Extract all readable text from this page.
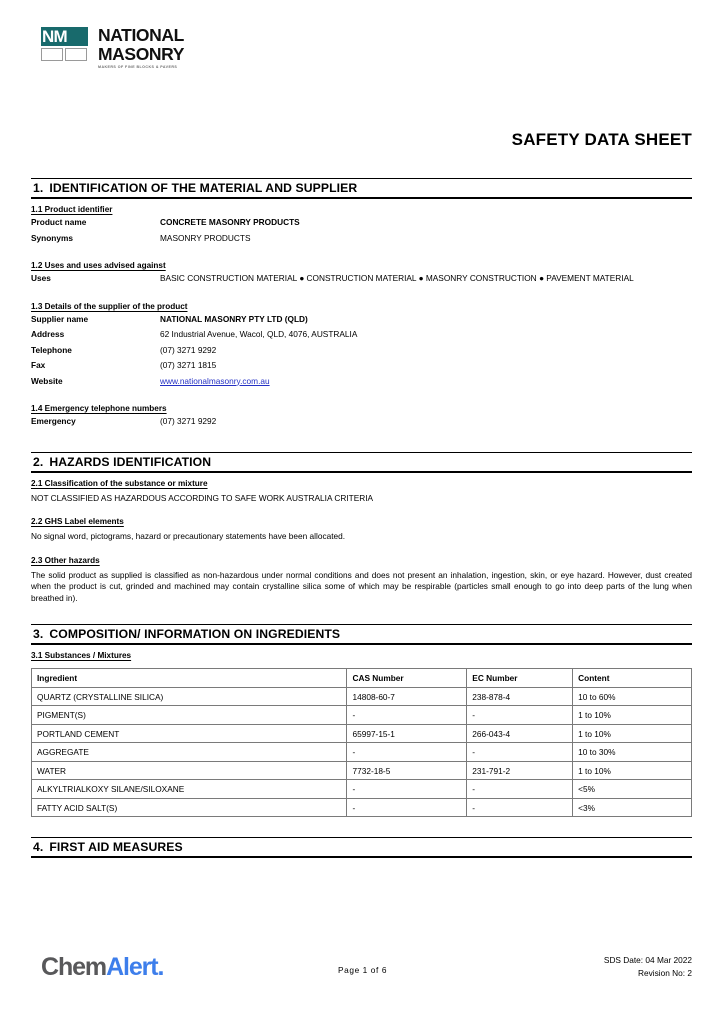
NM	NATIONAL
MASONRY
MAKERS OF FINE BLOCKS & PAVERS
SAFETY DATA SHEET
1. IDENTIFICATION OF THE MATERIAL AND SUPPLIER
1.1 Product identifier
Product name	CONCRETE MASONRY PRODUCTS
Synonyms	MASONRY PRODUCTS
1.2 Uses and uses advised against
Uses	BASIC CONSTRUCTION MATERIAL ● CONSTRUCTION MATERIAL ● MASONRY CONSTRUCTION ● PAVEMENT MATERIAL
1.3 Details of the supplier of the product
Supplier name	NATIONAL MASONRY PTY LTD (QLD)
Address	62 Industrial Avenue, Wacol, QLD, 4076, AUSTRALIA
Telephone	(07) 3271 9292
Fax	(07) 3271 1815
Website	www.nationalmasonry.com.au
1.4 Emergency telephone numbers
Emergency	(07) 3271 9292
2. HAZARDS IDENTIFICATION
2.1 Classification of the substance or mixture

NOT CLASSIFIED AS HAZARDOUS ACCORDING TO SAFE WORK AUSTRALIA CRITERIA

2.2 GHS Label elements

No signal word, pictograms, hazard or precautionary statements have been allocated.

2.3 Other hazards

The solid product as supplied is classified as non-hazardous under normal conditions and does not present an inhalation, ingestion, skin, or eye hazard. However, dust created when the product is cut, grinded and machined may contain crystalline silica some of which may be respirable (particles small enough to go into deep parts of the lung when breathed in).

3. COMPOSITION/ INFORMATION ON INGREDIENTS
3.1 Substances / Mixtures
Ingredient	CAS Number	EC Number	Content
QUARTZ (CRYSTALLINE SILICA)	14808-60-7	238-878-4	10 to 60%
PIGMENT(S)	-	-	1 to 10%
PORTLAND CEMENT	65997-15-1	266-043-4	1 to 10%
AGGREGATE	-	-	10 to 30%
WATER	7732-18-5	231-791-2	1 to 10%
ALKYLTRIALKOXY SILANE/SILOXANE	-	-	<5%
FATTY ACID SALT(S)	-	-	<3%
4. FIRST AID MEASURES
ChemAlert.	Page 1 of 6
SDS Date: 04 Mar 2022
Revision No: 2
